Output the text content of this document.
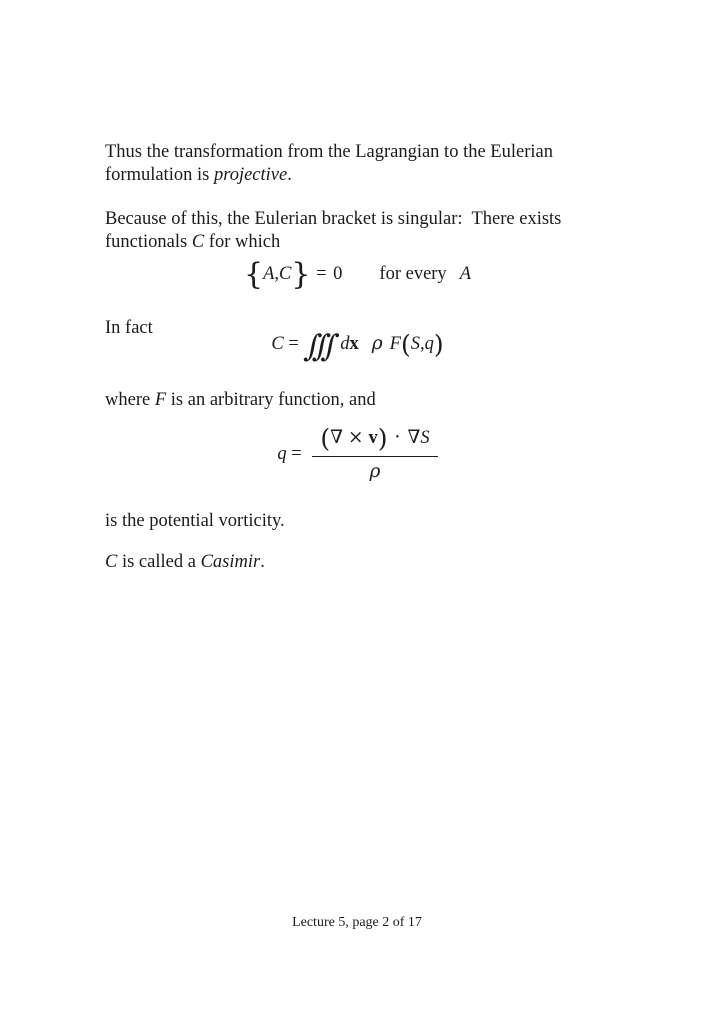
Thus the transformation from the Lagrangian to the Eulerian
formulation is projective.
Because of this, the Eulerian bracket is singular:  There exists
functionals C for which
{A,C} = 0 for every A
In fact
C = ∫∫∫ dx ρ F(S,q)
where F is an arbitrary function, and
$q = \frac{(\nabla \times v) \cdot \nabla S}{\rho}$
is the potential vorticity.
C is called a Casimir.
Lecture 5, page 2 of 17
